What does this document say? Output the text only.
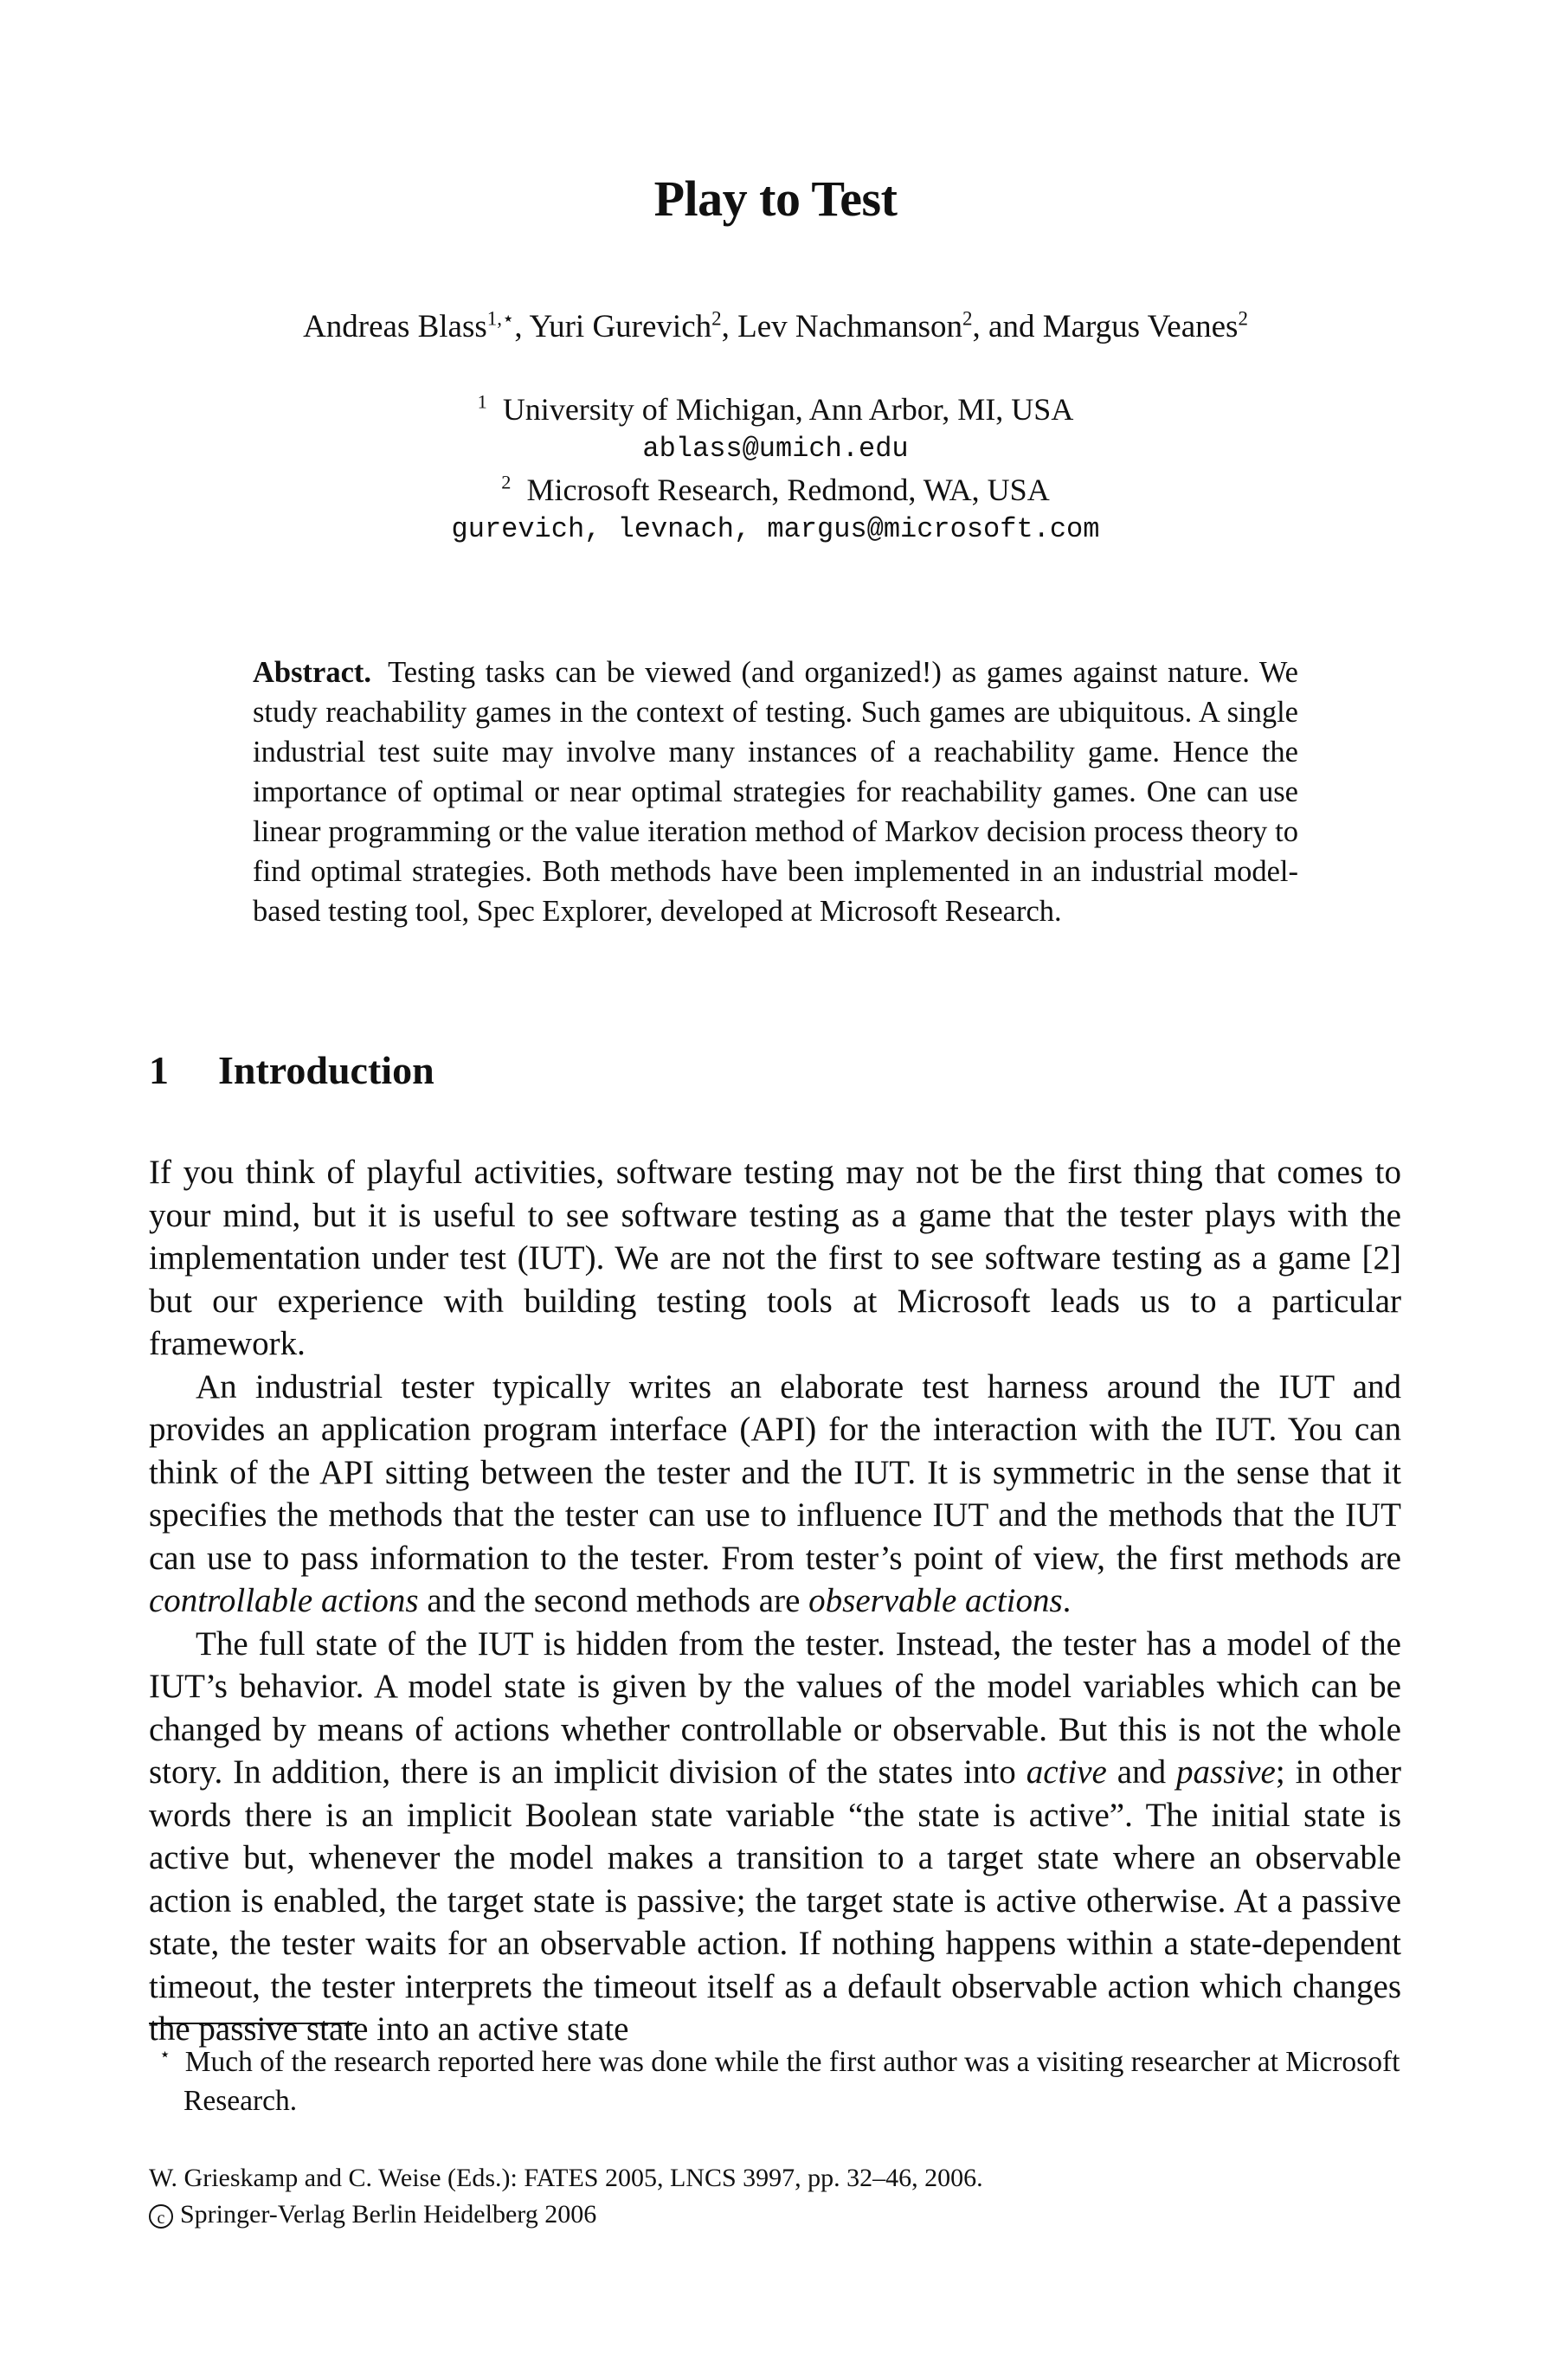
Play to Test
Andreas Blass$^{1,⋆}$, Yuri Gurevich$^2$, Lev Nachmanson$^2$, and Margus Veanes$^2$
$^1$ University of Michigan, Ann Arbor, MI, USA
ablass@umich.edu
$^2$ Microsoft Research, Redmond, WA, USA
gurevich, levnach, margus@microsoft.com
Abstract. Testing tasks can be viewed (and organized!) as games against nature. We study reachability games in the context of testing. Such games are ubiquitous. A single industrial test suite may involve many instances of a reachability game. Hence the importance of optimal or near optimal strategies for reachability games. One can use linear programming or the value iteration method of Markov decision process theory to find optimal strategies. Both methods have been implemented in an industrial model-based testing tool, Spec Explorer, developed at Microsoft Research.
1 Introduction

If you think of playful activities, software testing may not be the first thing that comes to your mind, but it is useful to see software testing as a game that the tester plays with the implementation under test (IUT). We are not the first to see software testing as a game [2] but our experience with building testing tools at Microsoft leads us to a particular framework.

An industrial tester typically writes an elaborate test harness around the IUT and provides an application program interface (API) for the interaction with the IUT. You can think of the API sitting between the tester and the IUT. It is symmetric in the sense that it specifies the methods that the tester can use to influence IUT and the methods that the IUT can use to pass information to the tester. From tester’s point of view, the first methods are controllable actions and the second methods are observable actions.

The full state of the IUT is hidden from the tester. Instead, the tester has a model of the IUT’s behavior. A model state is given by the values of the model variables which can be changed by means of actions whether controllable or observable. But this is not the whole story. In addition, there is an implicit division of the states into active and passive; in other words there is an implicit Boolean state variable “the state is active”. The initial state is active but, whenever the model makes a transition to a target state where an observable action is enabled, the target state is passive; the target state is active otherwise. At a passive state, the tester waits for an observable action. If nothing happens within a state-dependent timeout, the tester interprets the timeout itself as a default observable action which changes the passive state into an active state

⋆ Much of the research reported here was done while the first author was a visiting researcher at Microsoft Research.
W. Grieskamp and C. Weise (Eds.): FATES 2005, LNCS 3997, pp. 32–46, 2006.
c Springer-Verlag Berlin Heidelberg 2006
